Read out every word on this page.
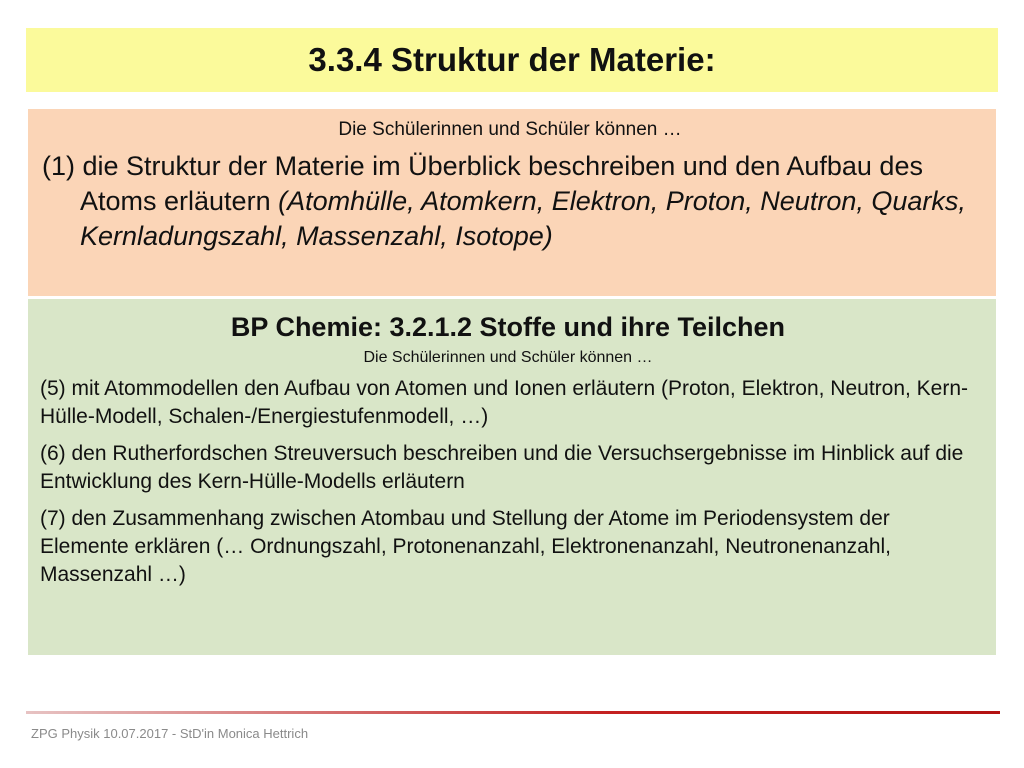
3.3.4 Struktur der Materie:

Die Schülerinnen und Schüler können …

(1) die Struktur der Materie im Überblick beschreiben und den Aufbau des Atoms erläutern (Atomhülle, Atomkern, Elektron, Proton, Neutron, Quarks, Kernladungszahl, Massenzahl, Isotope)

BP Chemie: 3.2.1.2 Stoffe und ihre Teilchen

Die Schülerinnen und Schüler können …

(5) mit Atommodellen den Aufbau von Atomen und Ionen erläutern (Proton, Elektron, Neutron, Kern-Hülle-Modell, Schalen-/Energiestufenmodell, …)

(6) den Rutherfordschen Streuversuch beschreiben und die Versuchsergebnisse im Hinblick auf die Entwicklung des Kern-Hülle-Modells erläutern

(7) den Zusammenhang zwischen Atombau und Stellung der Atome im Periodensystem der Elemente erklären (… Ordnungszahl, Protonenanzahl, Elektronenanzahl, Neutronenanzahl, Massenzahl …)

ZPG Physik 10.07.2017 - StD'in Monica Hettrich
